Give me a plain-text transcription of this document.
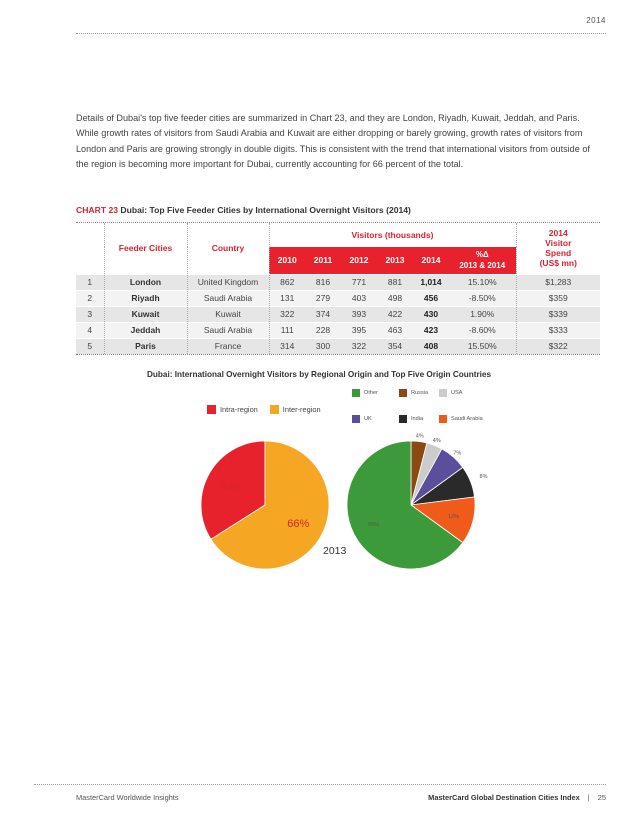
2014

Details of Dubai's top five feeder cities are summarized in Chart 23, and they are London, Riyadh, Kuwait, Jeddah, and Paris. While growth rates of visitors from Saudi Arabia and Kuwait are either dropping or barely growing, growth rates of visitors from London and Paris are growing strongly in double digits. This is consistent with the trend that international visitors from outside of the region is becoming more important for Dubai, currently accounting for 66 percent of the total.

CHART 23 Dubai: Top Five Feeder Cities by International Overnight Visitors (2014)
	Feeder Cities	Country	Visitors (thousands)						2014
Visitor
Spend
(US$ mn)

			2010	2011	2012	2013	2014	%Δ
2013 & 2014	

1	London	United Kingdom	862	816	771	881	1,014	15.10%	$1,283
2	Riyadh	Saudi Arabia	131	279	403	498	456	-8.50%	$359
3	Kuwait	Kuwait	322	374	393	422	430	1.90%	$339
4	Jeddah	Saudi Arabia	111	228	395	463	423	-8.60%	$333
5	Paris	France	314	300	322	354	408	15.50%	$322
Dubai: International Overnight Visitors by Regional Origin and Top Five Origin Countries
Intra-region	Inter-region
Other	Russia	USA
UK	India	Saudi Arabia
34%
66%
4%
4%
7%
8%
12%
65%
2013
MasterCard Worldwide Insights	MasterCard Global Destination Cities Index | 25
